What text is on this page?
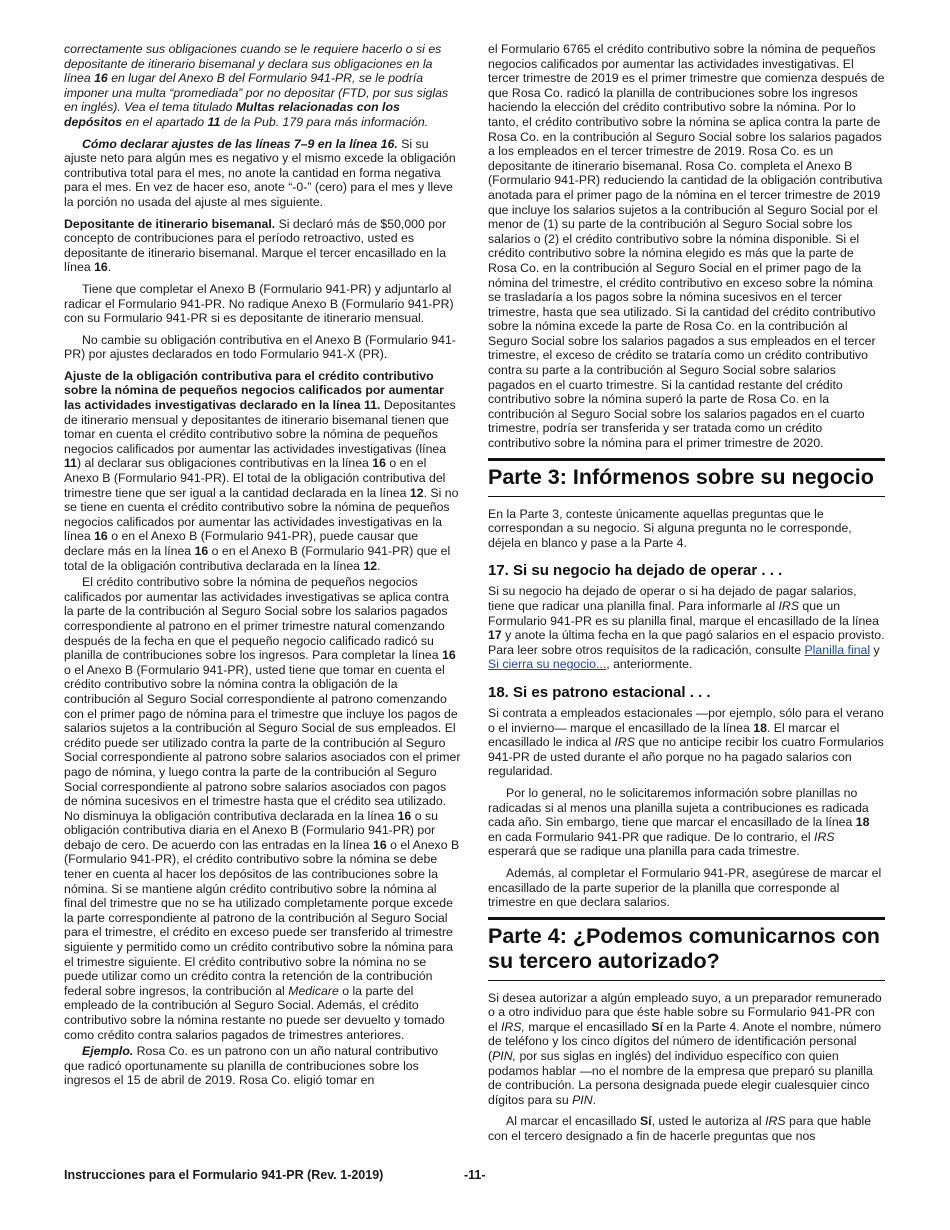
correctamente sus obligaciones cuando se le requiere hacerlo o si es depositante de itinerario bisemanal y declara sus obligaciones en la línea 16 en lugar del Anexo B del Formulario 941-PR, se le podría imponer una multa “promediada” por no depositar (FTD, por sus siglas en inglés). Vea el tema titulado Multas relacionadas con los depósitos en el apartado 11 de la Pub. 179 para más información.

Cómo declarar ajustes de las líneas 7–9 en la línea 16. Si su ajuste neto para algún mes es negativo y el mismo excede la obligación contributiva total para el mes, no anote la cantidad en forma negativa para el mes. En vez de hacer eso, anote “-0-” (cero) para el mes y lleve la porción no usada del ajuste al mes siguiente.

Depositante de itinerario bisemanal. Si declaró más de $50,000 por concepto de contribuciones para el período retroactivo, usted es depositante de itinerario bisemanal. Marque el tercer encasillado en la línea 16.

Tiene que completar el Anexo B (Formulario 941-PR) y adjuntarlo al radicar el Formulario 941-PR. No radique Anexo B (Formulario 941-PR) con su Formulario 941-PR si es depositante de itinerario mensual.

No cambie su obligación contributiva en el Anexo B (Formulario 941-PR) por ajustes declarados en todo Formulario 941-X (PR).

Ajuste de la obligación contributiva para el crédito contributivo sobre la nómina de pequeños negocios calificados por aumentar las actividades investigativas declarado en la línea 11. Depositantes de itinerario mensual y depositantes de itinerario bisemanal tienen que tomar en cuenta el crédito contributivo sobre la nómina de pequeños negocios calificados por aumentar las actividades investigativas (línea 11) al declarar sus obligaciones contributivas en la línea 16 o en el Anexo B (Formulario 941-PR). El total de la obligación contributiva del trimestre tiene que ser igual a la cantidad declarada en la línea 12. Si no se tiene en cuenta el crédito contributivo sobre la nómina de pequeños negocios calificados por aumentar las actividades investigativas en la línea 16 o en el Anexo B (Formulario 941-PR), puede causar que declare más en la línea 16 o en el Anexo B (Formulario 941-PR) que el total de la obligación contributiva declarada en la línea 12.

El crédito contributivo sobre la nómina de pequeños negocios calificados por aumentar las actividades investigativas se aplica contra la parte de la contribución al Seguro Social sobre los salarios pagados correspondiente al patrono en el primer trimestre natural comenzando después de la fecha en que el pequeño negocio calificado radicó su planilla de contribuciones sobre los ingresos. Para completar la línea 16 o el Anexo B (Formulario 941-PR), usted tiene que tomar en cuenta el crédito contributivo sobre la nómina contra la obligación de la contribución al Seguro Social correspondiente al patrono comenzando con el primer pago de nómina para el trimestre que incluye los pagos de salarios sujetos a la contribución al Seguro Social de sus empleados. El crédito puede ser utilizado contra la parte de la contribución al Seguro Social correspondiente al patrono sobre salarios asociados con el primer pago de nómina, y luego contra la parte de la contribución al Seguro Social correspondiente al patrono sobre salarios asociados con pagos de nómina sucesivos en el trimestre hasta que el crédito sea utilizado. No disminuya la obligación contributiva declarada en la línea 16 o su obligación contributiva diaria en el Anexo B (Formulario 941-PR) por debajo de cero. De acuerdo con las entradas en la línea 16 o el Anexo B (Formulario 941-PR), el crédito contributivo sobre la nómina se debe tener en cuenta al hacer los depósitos de las contribuciones sobre la nómina. Si se mantiene algún crédito contributivo sobre la nómina al final del trimestre que no se ha utilizado completamente porque excede la parte correspondiente al patrono de la contribución al Seguro Social para el trimestre, el crédito en exceso puede ser transferido al trimestre siguiente y permitido como un crédito contributivo sobre la nómina para el trimestre siguiente. El crédito contributivo sobre la nómina no se puede utilizar como un crédito contra la retención de la contribución federal sobre ingresos, la contribución al Medicare o la parte del empleado de la contribución al Seguro Social. Además, el crédito contributivo sobre la nómina restante no puede ser devuelto y tomado como crédito contra salarios pagados de trimestres anteriores.

Ejemplo. Rosa Co. es un patrono con un año natural contributivo que radicó oportunamente su planilla de contribuciones sobre los ingresos el 15 de abril de 2019. Rosa Co. eligió tomar en

el Formulario 6765 el crédito contributivo sobre la nómina de pequeños negocios calificados por aumentar las actividades investigativas. El tercer trimestre de 2019 es el primer trimestre que comienza después de que Rosa Co. radicó la planilla de contribuciones sobre los ingresos haciendo la elección del crédito contributivo sobre la nómina. Por lo tanto, el crédito contributivo sobre la nómina se aplica contra la parte de Rosa Co. en la contribución al Seguro Social sobre los salarios pagados a los empleados en el tercer trimestre de 2019. Rosa Co. es un depositante de itinerario bisemanal. Rosa Co. completa el Anexo B (Formulario 941-PR) reduciendo la cantidad de la obligación contributiva anotada para el primer pago de la nómina en el tercer trimestre de 2019 que incluye los salarios sujetos a la contribución al Seguro Social por el menor de (1) su parte de la contribución al Seguro Social sobre los salarios o (2) el crédito contributivo sobre la nómina disponible. Si el crédito contributivo sobre la nómina elegido es más que la parte de Rosa Co. en la contribución al Seguro Social en el primer pago de la nómina del trimestre, el crédito contributivo en exceso sobre la nómina se trasladaría a los pagos sobre la nómina sucesivos en el tercer trimestre, hasta que sea utilizado. Si la cantidad del crédito contributivo sobre la nómina excede la parte de Rosa Co. en la contribución al Seguro Social sobre los salarios pagados a sus empleados en el tercer trimestre, el exceso de crédito se trataría como un crédito contributivo contra su parte a la contribución al Seguro Social sobre salarios pagados en el cuarto trimestre. Si la cantidad restante del crédito contributivo sobre la nómina superó la parte de Rosa Co. en la contribución al Seguro Social sobre los salarios pagados en el cuarto trimestre, podría ser transferida y ser tratada como un crédito contributivo sobre la nómina para el primer trimestre de 2020.

Parte 3: Infórmenos sobre su negocio

En la Parte 3, conteste únicamente aquellas preguntas que le correspondan a su negocio. Si alguna pregunta no le corresponde, déjela en blanco y pase a la Parte 4.

17. Si su negocio ha dejado de operar . . .

Si su negocio ha dejado de operar o si ha dejado de pagar salarios, tiene que radicar una planilla final. Para informarle al IRS que un Formulario 941-PR es su planilla final, marque el encasillado de la línea 17 y anote la última fecha en la que pagó salarios en el espacio provisto. Para leer sobre otros requisitos de la radicación, consulte Planilla final y Si cierra su negocio..., anteriormente.

18. Si es patrono estacional . . .

Si contrata a empleados estacionales —por ejemplo, sólo para el verano o el invierno— marque el encasillado de la línea 18. El marcar el encasillado le indica al IRS que no anticipe recibir los cuatro Formularios 941-PR de usted durante el año porque no ha pagado salarios con regularidad.

Por lo general, no le solicitaremos información sobre planillas no radicadas si al menos una planilla sujeta a contribuciones es radicada cada año. Sin embargo, tiene que marcar el encasillado de la línea 18 en cada Formulario 941-PR que radique. De lo contrario, el IRS esperará que se radique una planilla para cada trimestre.

Además, al completar el Formulario 941-PR, asegúrese de marcar el encasillado de la parte superior de la planilla que corresponde al trimestre en que declara salarios.

Parte 4: ¿Podemos comunicarnos con su tercero autorizado?

Si desea autorizar a algún empleado suyo, a un preparador remunerado o a otro individuo para que éste hable sobre su Formulario 941-PR con el IRS, marque el encasillado Sí en la Parte 4. Anote el nombre, número de teléfono y los cinco dígitos del número de identificación personal (PIN, por sus siglas en inglés) del individuo específico con quien podamos hablar —no el nombre de la empresa que preparó su planilla de contribución. La persona designada puede elegir cualesquier cinco dígitos para su PIN.

Al marcar el encasillado Sí, usted le autoriza al IRS para que hable con el tercero designado a fin de hacerle preguntas que nos

Instrucciones para el Formulario 941-PR (Rev. 1-2019)	-11-
